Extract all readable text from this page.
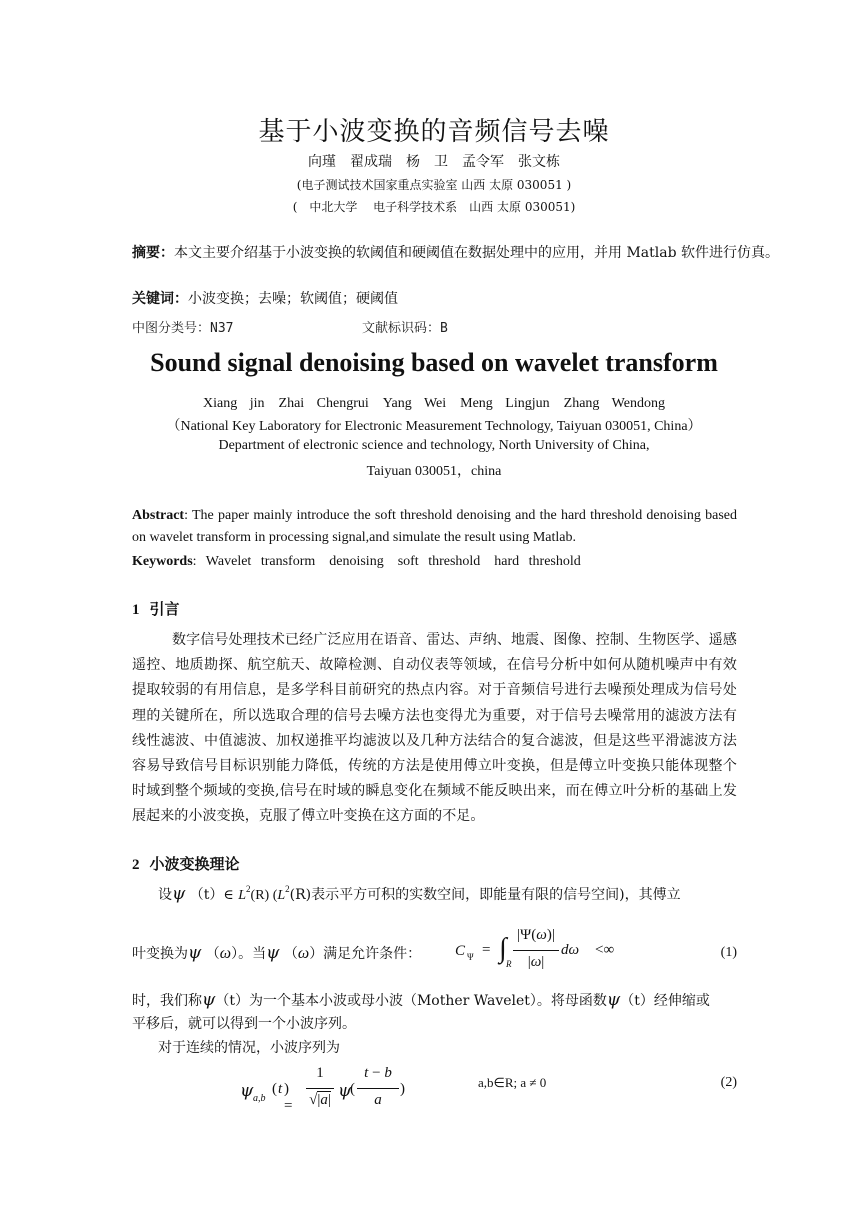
基于小波变换的音频信号去噪
向瑾　翟成瑞　杨　卫　孟令军　张文栋
(电子测试技术国家重点实验室 山西 太原 030051 )
(　中北大学　 电子科学技术系　山西 太原 030051)
摘要：本文主要介绍基于小波变换的软阈值和硬阈值在数据处理中的应用，并用 Matlab 软件进行仿真。
关键词：小波变换；去噪；软阈值；硬阈值
中图分类号：N37	文献标识码：B
Sound signal denoising based on wavelet transform
Xiang jin　Zhai Chengrui　Yang Wei　Meng Lingjun　Zhang Wendong
（National Key Laboratory for Electronic Measurement Technology, Taiyuan 030051, China）
Department of electronic science and technology, North University of China,
Taiyuan 030051，china
Abstract: The paper mainly introduce the soft threshold denoising and the hard threshold denoising based on wavelet transform in processing signal,and simulate the result using Matlab.
Keywords: Wavelet transform　denoising　soft threshold　hard threshold
1 引言
数字信号处理技术已经广泛应用在语音、雷达、声纳、地震、图像、控制、生物医学、遥感遥控、地质勘探、航空航天、故障检测、自动仪表等领域，在信号分析中如何从随机噪声中有效提取较弱的有用信息，是多学科目前研究的热点内容。对于音频信号进行去噪预处理成为信号处理的关键所在，所以选取合理的信号去噪方法也变得尤为重要，对于信号去噪常用的滤波方法有线性滤波、中值滤波、加权递推平均滤波以及几种方法结合的复合滤波，但是这些平滑滤波方法容易导致信号目标识别能力降低，传统的方法是使用傅立叶变换，但是傅立叶变换只能体现整个时域到整个频域的变换,信号在时域的瞬息变化在频域不能反映出来，而在傅立叶分析的基础上发展起来的小波变换，克服了傅立叶变换在这方面的不足。
2 小波变换理论
设ψ （t）∈ $L^2(R)$ ($L^2(R)$表示平方可积的实数空间，即能量有限的信号空间)，其傅立
叶变换为ψ （ω）。当ψ （ω）满足允许条件： C Ψ = ∫ R
|Ψ(ω)|
|ω|
dω <∞	(1)
时，我们称ψ（t）为一个基本小波或母小波（Mother Wavelet）。将母函数ψ（t）经伸缩或
平移后，就可以得到一个小波序列。
对于连续的情况，小波序列为
ψ a,b
( t ) =
1
√|a| ψ
(
t − b
a
)	a,b∈R; a ≠ 0	(2)
